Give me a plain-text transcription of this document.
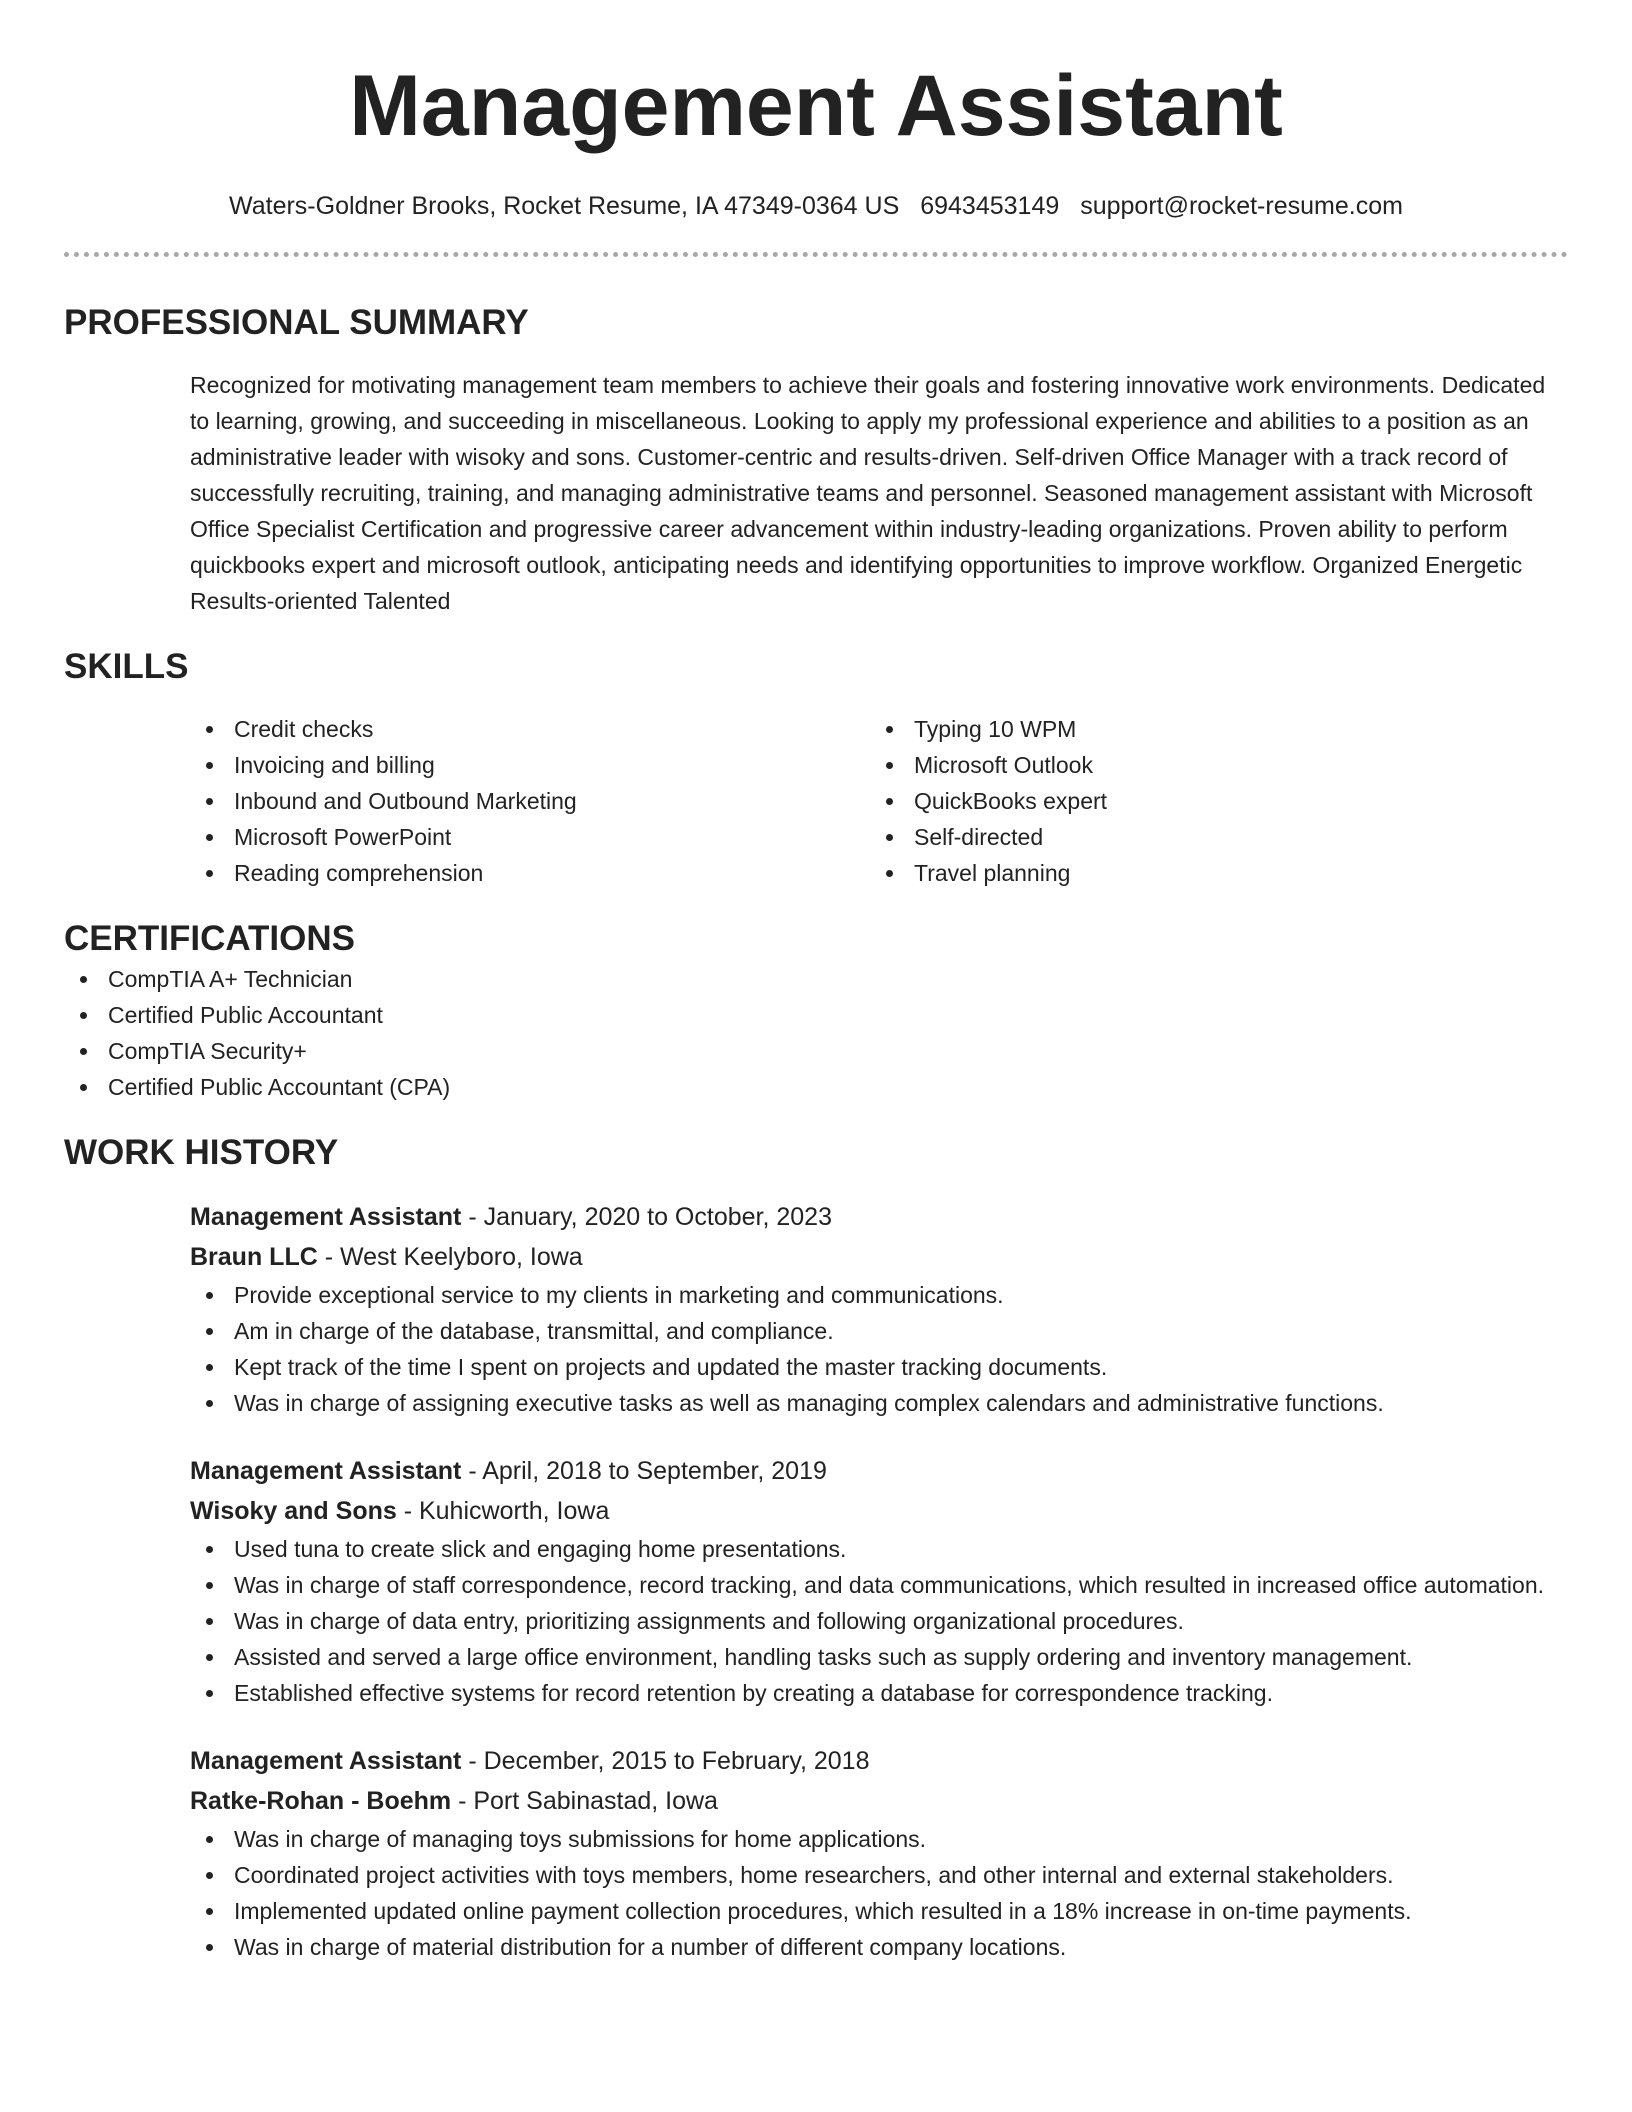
Management Assistant
Waters-Goldner Brooks, Rocket Resume, IA 47349-0364 US 6943453149 support@rocket-resume.com
PROFESSIONAL SUMMARY

Recognized for motivating management team members to achieve their goals and fostering innovative work environments. Dedicated to learning, growing, and succeeding in miscellaneous. Looking to apply my professional experience and abilities to a position as an administrative leader with wisoky and sons. Customer-centric and results-driven. Self-driven Office Manager with a track record of successfully recruiting, training, and managing administrative teams and personnel. Seasoned management assistant with Microsoft Office Specialist Certification and progressive career advancement within industry-leading organizations. Proven ability to perform quickbooks expert and microsoft outlook, anticipating needs and identifying opportunities to improve workflow. Organized Energetic Results-oriented Talented

SKILLS
Credit checks
Invoicing and billing
Inbound and Outbound Marketing
Microsoft PowerPoint
Reading comprehension
Typing 10 WPM
Microsoft Outlook
QuickBooks expert
Self-directed
Travel planning
CERTIFICATIONS
CompTIA A+ Technician
Certified Public Accountant
CompTIA Security+
Certified Public Accountant (CPA)
WORK HISTORY
Management Assistant - January, 2020 to October, 2023
Braun LLC - West Keelyboro, Iowa
Provide exceptional service to my clients in marketing and communications.
Am in charge of the database, transmittal, and compliance.
Kept track of the time I spent on projects and updated the master tracking documents.
Was in charge of assigning executive tasks as well as managing complex calendars and administrative functions.
Management Assistant - April, 2018 to September, 2019
Wisoky and Sons - Kuhicworth, Iowa
Used tuna to create slick and engaging home presentations.
Was in charge of staff correspondence, record tracking, and data communications, which resulted in increased office automation.
Was in charge of data entry, prioritizing assignments and following organizational procedures.
Assisted and served a large office environment, handling tasks such as supply ordering and inventory management.
Established effective systems for record retention by creating a database for correspondence tracking.
Management Assistant - December, 2015 to February, 2018
Ratke-Rohan - Boehm - Port Sabinastad, Iowa
Was in charge of managing toys submissions for home applications.
Coordinated project activities with toys members, home researchers, and other internal and external stakeholders.
Implemented updated online payment collection procedures, which resulted in a 18% increase in on-time payments.
Was in charge of material distribution for a number of different company locations.
